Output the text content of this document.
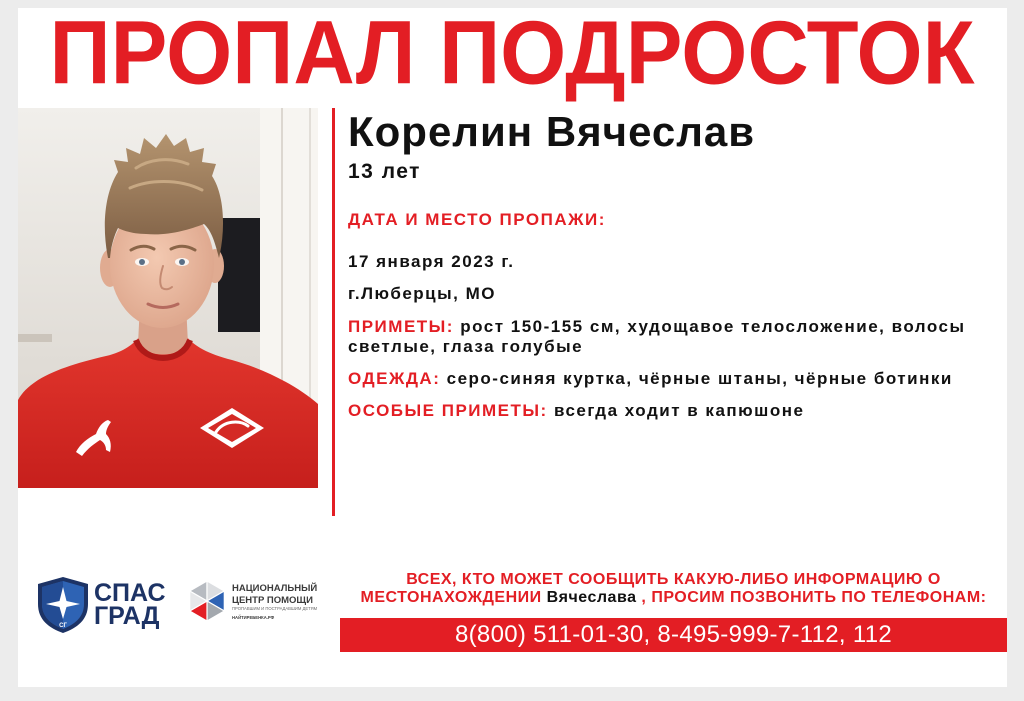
ПРОПАЛ ПОДРОСТОК
Корелин Вячеслав
13 лет
ДАТА И МЕСТО ПРОПАЖИ:
17 января 2023 г.
г.Люберцы, МО
ПРИМЕТЫ: рост 150-155 см, худощавое телосложение, волосы светлые, глаза голубые
ОДЕЖДА: серо-синяя куртка, чёрные штаны, чёрные ботинки
ОСОБЫЕ ПРИМЕТЫ: всегда ходит в капюшоне
СГ
СПАС
ГРАД
НАЦИОНАЛЬНЫЙ
ЦЕНТР ПОМОЩИ
ПРОПАВШИМ И ПОСТРАДАВШИМ ДЕТЯМ
НАЙТИРЕБЕНКА.РФ
ВСЕХ, КТО МОЖЕТ СООБЩИТЬ КАКУЮ-ЛИБО ИНФОРМАЦИЮ О
МЕСТОНАХОЖДЕНИИ Вячеслава , ПРОСИМ ПОЗВОНИТЬ ПО ТЕЛЕФОНАМ:
8(800) 511-01-30, 8-495-999-7-112, 112
